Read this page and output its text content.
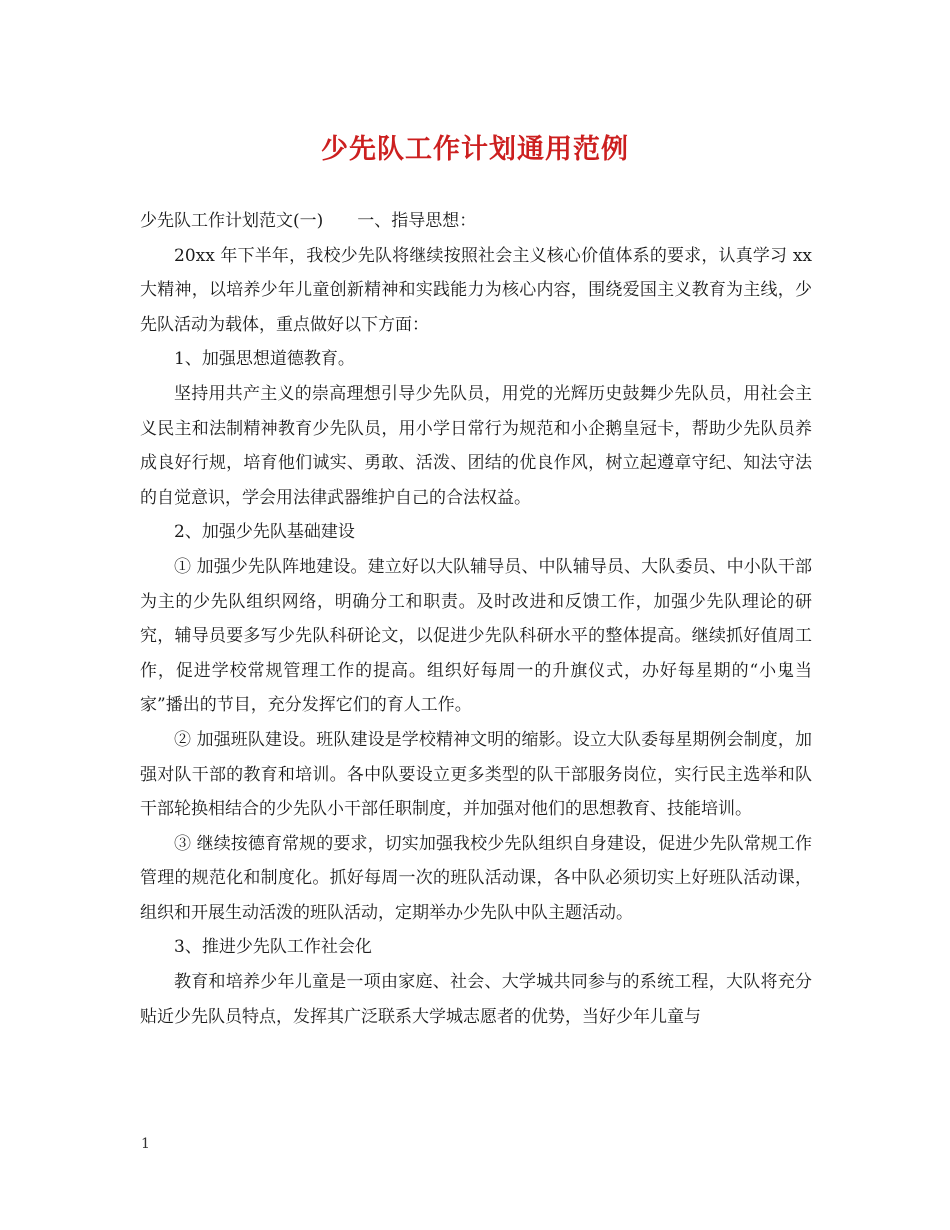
少先队工作计划通用范例

少先队工作计划范文(一) 一、指导思想：

20xx 年下半年，我校少先队将继续按照社会主义核心价值体系的要求，认真学习 xx 大精神，以培养少年儿童创新精神和实践能力为核心内容，围绕爱国主义教育为主线，少先队活动为载体，重点做好以下方面：

1、加强思想道德教育。

坚持用共产主义的崇高理想引导少先队员，用党的光辉历史鼓舞少先队员，用社会主义民主和法制精神教育少先队员，用小学日常行为规范和小企鹅皇冠卡，帮助少先队员养成良好行规，培育他们诚实、勇敢、活泼、团结的优良作风，树立起遵章守纪、知法守法的自觉意识，学会用法律武器维护自己的合法权益。

2、加强少先队基础建设

① 加强少先队阵地建设。建立好以大队辅导员、中队辅导员、大队委员、中小队干部为主的少先队组织网络，明确分工和职责。及时改进和反馈工作，加强少先队理论的研究，辅导员要多写少先队科研论文，以促进少先队科研水平的整体提高。继续抓好值周工作，促进学校常规管理工作的提高。组织好每周一的升旗仪式，办好每星期的“小鬼当家”播出的节目，充分发挥它们的育人工作。

② 加强班队建设。班队建设是学校精神文明的缩影。设立大队委每星期例会制度，加强对队干部的教育和培训。各中队要设立更多类型的队干部服务岗位，实行民主选举和队干部轮换相结合的少先队小干部任职制度，并加强对他们的思想教育、技能培训。

③ 继续按德育常规的要求，切实加强我校少先队组织自身建设，促进少先队常规工作管理的规范化和制度化。抓好每周一次的班队活动课，各中队必须切实上好班队活动课，组织和开展生动活泼的班队活动，定期举办少先队中队主题活动。

3、推进少先队工作社会化

教育和培养少年儿童是一项由家庭、社会、大学城共同参与的系统工程，大队将充分贴近少先队员特点，发挥其广泛联系大学城志愿者的优势，当好少年儿童与

1
